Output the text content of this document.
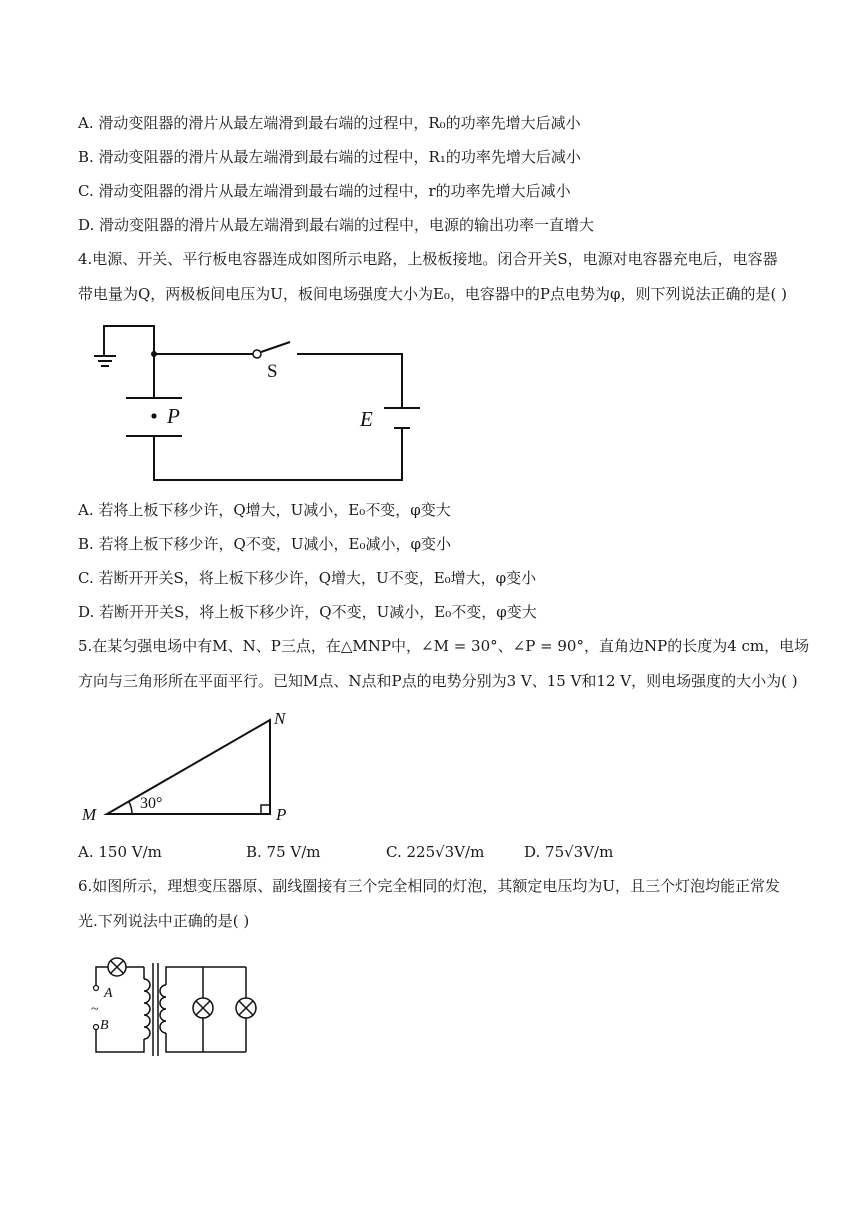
A. 滑动变阻器的滑片从最左端滑到最右端的过程中，R₀的功率先增大后减小
B. 滑动变阻器的滑片从最左端滑到最右端的过程中，R₁的功率先增大后减小
C. 滑动变阻器的滑片从最左端滑到最右端的过程中，r的功率先增大后减小
D. 滑动变阻器的滑片从最左端滑到最右端的过程中，电源的输出功率一直增大
4.电源、开关、平行板电容器连成如图所示电路，上极板接地。闭合开关S，电源对电容器充电后，电容器
带电量为Q，两极板间电压为U，板间电场强度大小为E₀，电容器中的P点电势为φ，则下列说法正确的是( )
S
P	E
A. 若将上板下移少许，Q增大，U减小，E₀不变，φ变大
B. 若将上板下移少许，Q不变，U减小，E₀减小，φ变小
C. 若断开开关S，将上板下移少许，Q增大，U不变，E₀增大，φ变小
D. 若断开开关S，将上板下移少许，Q不变，U减小，E₀不变，φ变大
5.在某匀强电场中有M、N、P三点，在△MNP中，∠M = 30°、∠P = 90°，直角边NP的长度为4 cm，电场
方向与三角形所在平面平行。已知M点、N点和P点的电势分别为3 V、15 V和12 V，则电场强度的大小为( )
M
N
P
30°
A. 150 V/m	B. 75 V/m	C. 225√3V/m	D. 75√3V/m
6.如图所示，理想变压器原、副线圈接有三个完全相同的灯泡，其额定电压均为U，且三个灯泡均能正常发
光.下列说法中正确的是( )
A
~
B
